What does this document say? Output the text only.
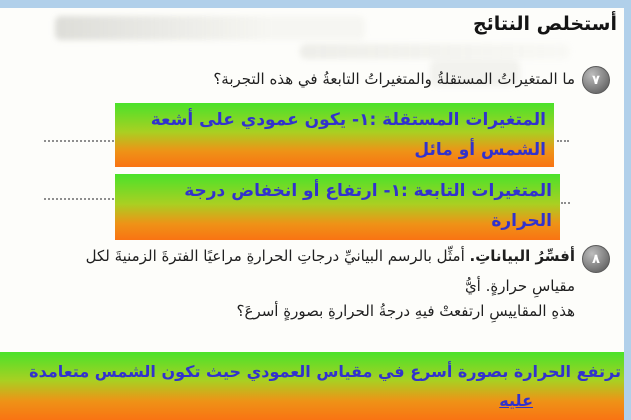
أستخلص النتائج
٧
ما المتغيراتُ المستقلةُ والمتغيراتُ التابعةُ في هذه التجربة؟
المتغيرات المستقلة :١- يكون عمودي على أشعة
الشمس أو مائل
المتغيرات التابعة :١- ارتفاع أو انخفاض درجة
الحرارة
٨
أفسِّرُ البياناتِ. أمثِّل بالرسم البيانيِّ درجاتِ الحرارةِ مراعيًا الفترةَ الزمنيةَ لكل مقياسِ حرارةٍ. أيُّ
هذهِ المقاييسِ ارتفعتْ فيهِ درجةُ الحرارةِ بصورةٍ أسرعَ؟
ترتفع الحرارة بصورة أسرع في مقياس العمودي حيث تكون الشمس متعامدة
عليه
